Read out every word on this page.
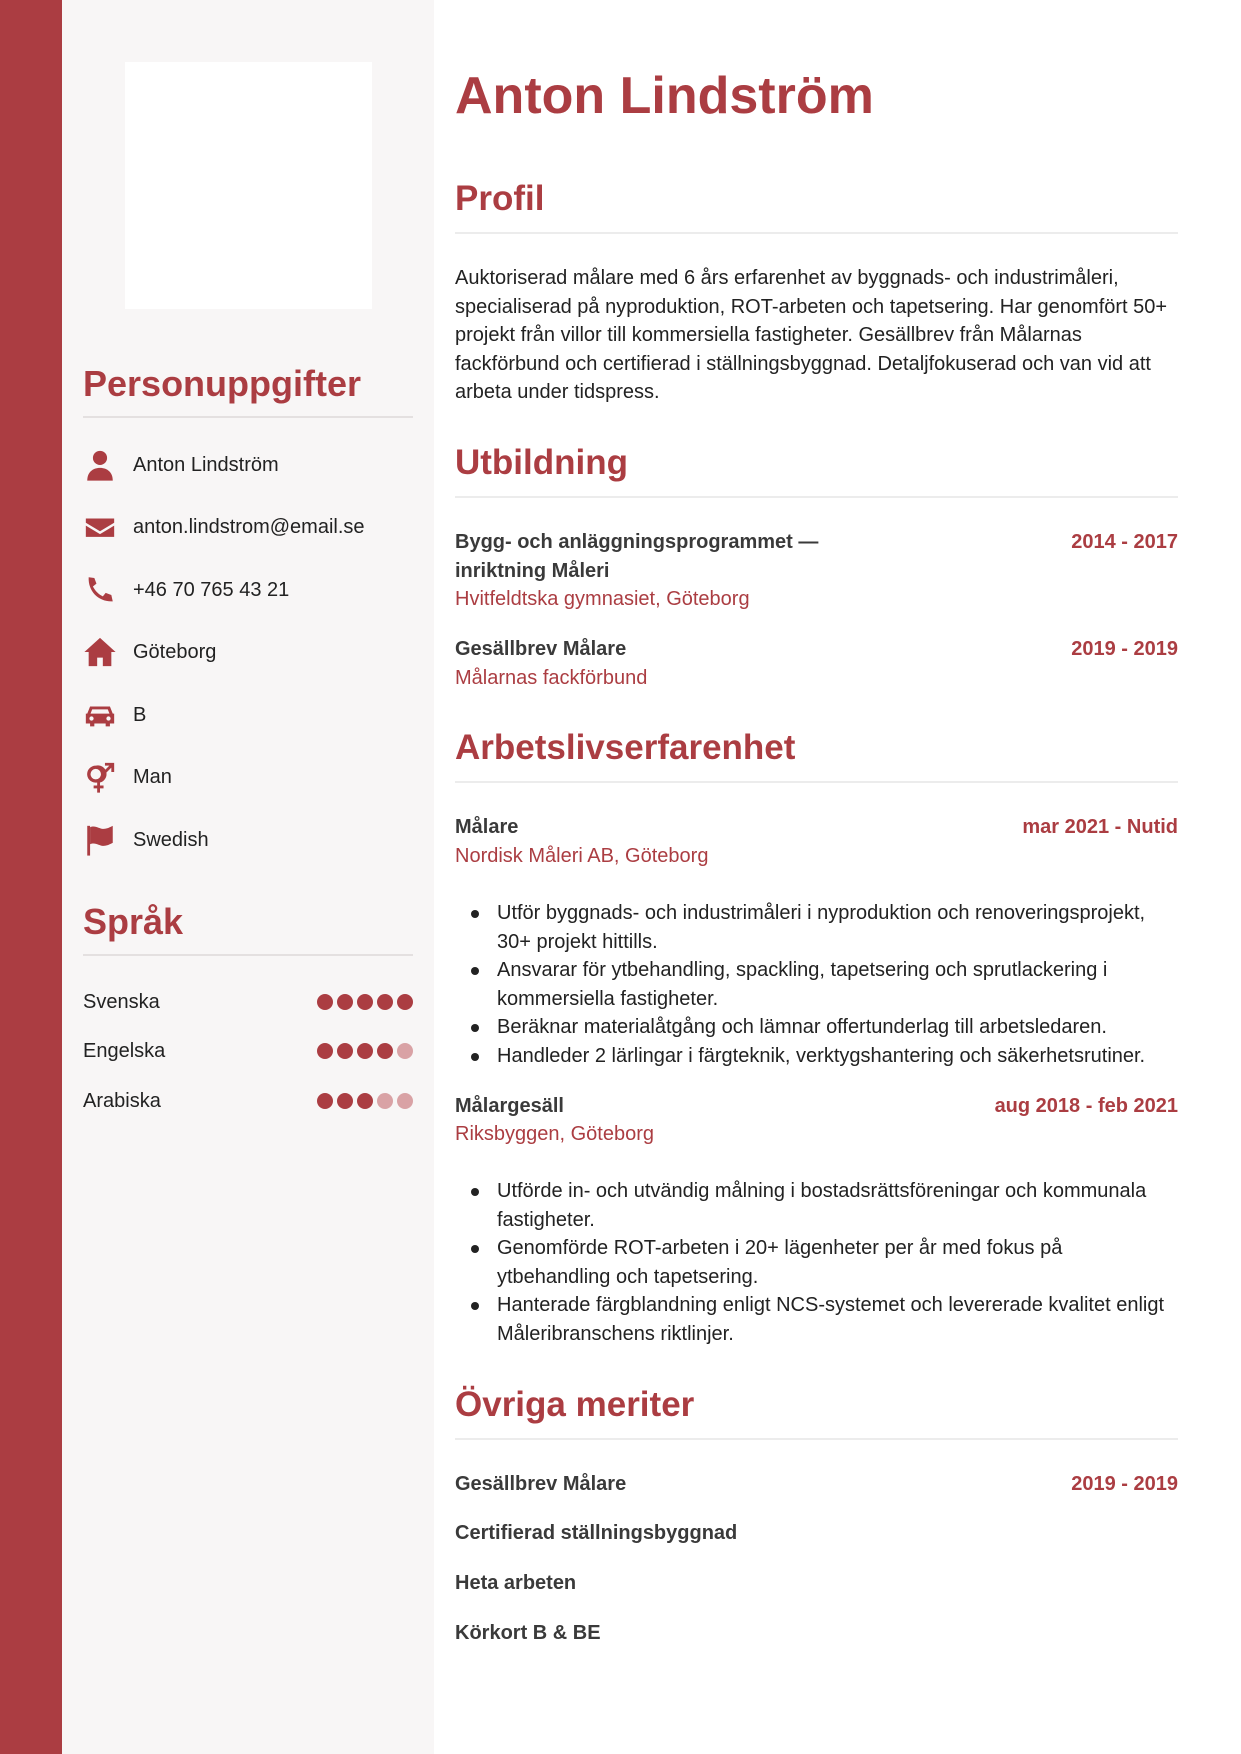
Personuppgifter
Anton Lindström
anton.lindstrom@email.se
+46 70 765 43 21
Göteborg
B
Man
Swedish
Språk
Svenska
Engelska
Arabiska
Anton Lindström
Profil

Auktoriserad målare med 6 års erfarenhet av byggnads- och industrimåleri, specialiserad på nyproduktion, ROT-arbeten och tapetsering. Har genomfört 50+ projekt från villor till kommersiella fastigheter. Gesällbrev från Målarnas fackförbund och certifierad i ställningsbyggnad. Detaljfokuserad och van vid att arbeta under tidspress.

Utbildning

Bygg- och anläggningsprogrammet —
inriktning Måleri

2014 - 2017

Hvitfeldtska gymnasiet, Göteborg

Gesällbrev Målare	2019 - 2019

Målarnas fackförbund

Arbetslivserfarenhet

Målare	mar 2021 - Nutid

Nordisk Måleri AB, Göteborg

Utför byggnads- och industrimåleri i nyproduktion och renoveringsprojekt, 30+ projekt hittills.
Ansvarar för ytbehandling, spackling, tapetsering och sprutlackering i kommersiella fastigheter.
Beräknar materialåtgång och lämnar offertunderlag till arbetsledaren.
Handleder 2 lärlingar i färgteknik, verktygshantering och säkerhetsrutiner.

Målargesäll	aug 2018 - feb 2021

Riksbyggen, Göteborg

Utförde in- och utvändig målning i bostadsrättsföreningar och kommunala fastigheter.
Genomförde ROT-arbeten i 20+ lägenheter per år med fokus på ytbehandling och tapetsering.
Hanterade färgblandning enligt NCS-systemet och levererade kvalitet enligt Måleribranschens riktlinjer.
Övriga meriter

Gesällbrev Målare	2019 - 2019

Certifierad ställningsbyggnad

Heta arbeten

Körkort B & BE
